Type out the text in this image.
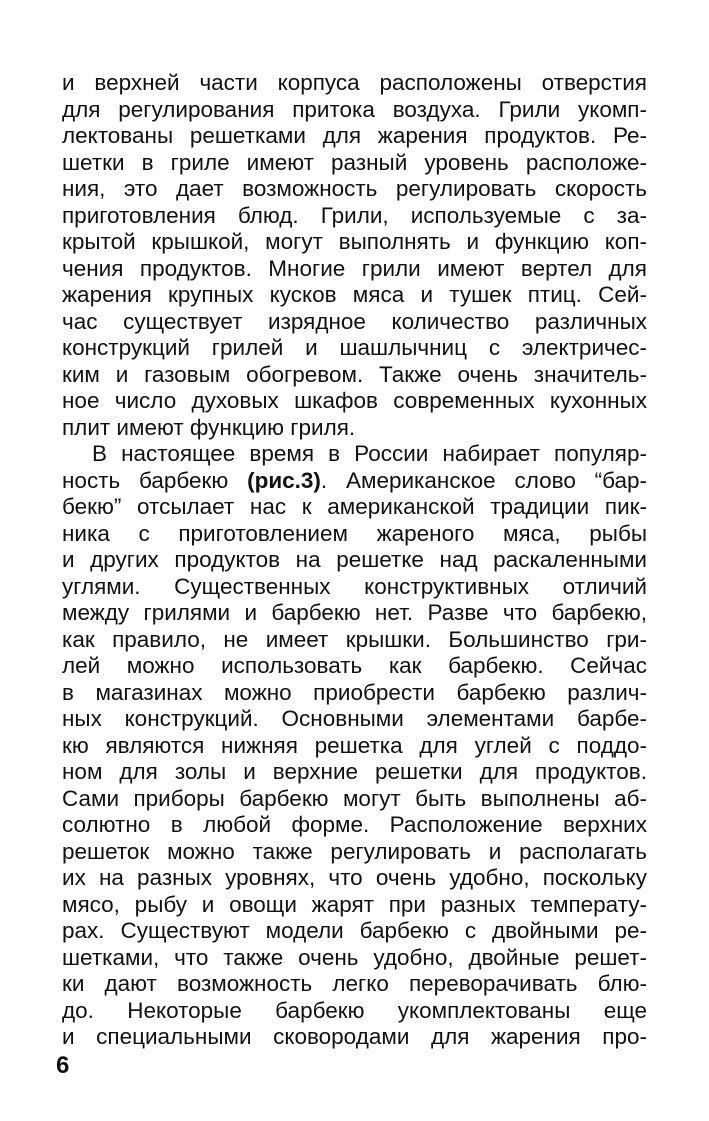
и верхней части корпуса расположены отверстия
для регулирования притока воздуха. Грили укомп-
лектованы решетками для жарения продуктов. Ре-
шетки в гриле имеют разный уровень расположе-
ния, это дает возможность регулировать скорость
приготовления блюд. Грили, используемые с за-
крытой крышкой, могут выполнять и функцию коп-
чения продуктов. Многие грили имеют вертел для
жарения крупных кусков мяса и тушек птиц. Сей-
час существует изрядное количество различных
конструкций грилей и шашлычниц с электричес-
ким и газовым обогревом. Также очень значитель-
ное число духовых шкафов современных кухонных
плит имеют функцию гриля.
В настоящее время в России набирает популяр-
ность барбекю (рис.3). Американское слово “бар-
бекю” отсылает нас к американской традиции пик-
ника с приготовлением жареного мяса, рыбы
и других продуктов на решетке над раскаленными
углями. Существенных конструктивных отличий
между грилями и барбекю нет. Разве что барбекю,
как правило, не имеет крышки. Большинство гри-
лей можно использовать как барбекю. Сейчас
в магазинах можно приобрести барбекю различ-
ных конструкций. Основными элементами барбе-
кю являются нижняя решетка для углей с поддо-
ном для золы и верхние решетки для продуктов.
Сами приборы барбекю могут быть выполнены аб-
солютно в любой форме. Расположение верхних
решеток можно также регулировать и располагать
их на разных уровнях, что очень удобно, поскольку
мясо, рыбу и овощи жарят при разных температу-
рах. Существуют модели барбекю с двойными ре-
шетками, что также очень удобно, двойные решет-
ки дают возможность легко переворачивать блю-
до. Некоторые барбекю укомплектованы еще
и специальными сковородами для жарения про-
6
